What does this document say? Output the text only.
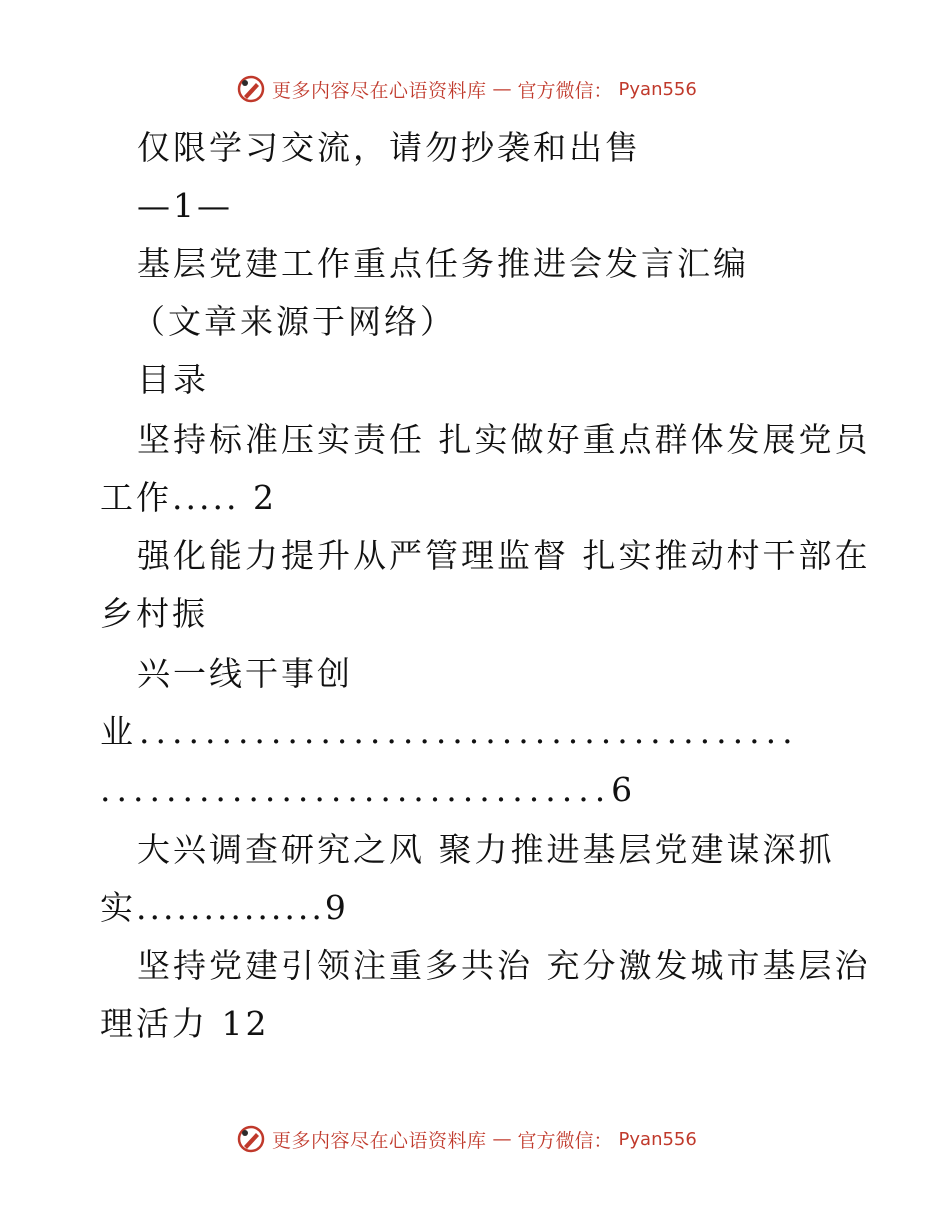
更多内容尽在心语资料库 — 官方微信： Pyan556
仅限学习交流，请勿抄袭和出售
—1—
基层党建工作重点任务推进会发言汇编
（文章来源于网络）
目录
坚持标准压实责任 扎实做好重点群体发展党员
工作..... 2
强化能力提升从严管理监督 扎实推动村干部在
乡村振
兴一线干事创
业........................................
...............................6
大兴调查研究之风 聚力推进基层党建谋深抓
实..............9
坚持党建引领注重多共治 充分激发城市基层治
理活力 12
更多内容尽在心语资料库 — 官方微信： Pyan556
